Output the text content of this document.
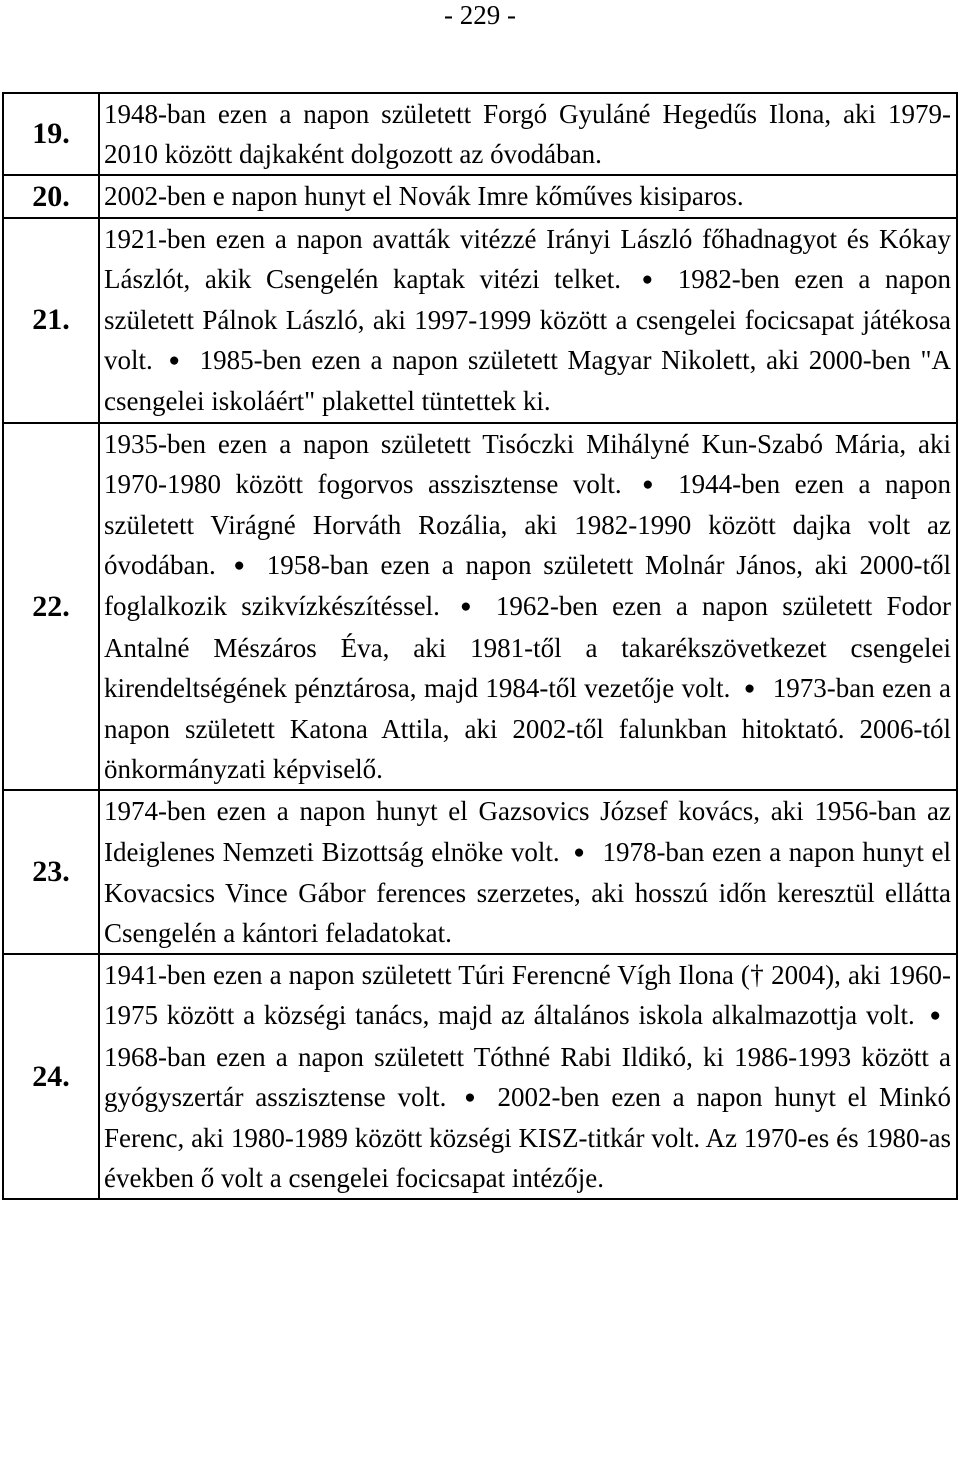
- 229 -
19.	1948-ban ezen a napon született Forgó Gyuláné Hegedűs Ilona, aki 1979-2010 között dajkaként dolgozott az óvodában.

20.	2002-ben e napon hunyt el Novák Imre kőműves kisiparos.

21.	1921-ben ezen a napon avatták vitézzé Irányi László főhadnagyot és Kókay Lászlót, akik Csengelén kaptak vitézi telket. ● 1982-ben ezen a napon született Pálnok László, aki 1997-1999 között a csengelei focicsapat játékosa volt. ● 1985-ben ezen a napon született Magyar Nikolett, aki 2000-ben "A csengelei iskoláért" plakettel tüntettek ki.

22.	1935-ben ezen a napon született Tisóczki Mihályné Kun-Szabó Mária, aki 1970-1980 között fogorvos asszisztense volt. ● 1944-ben ezen a napon született Virágné Horváth Rozália, aki 1982-1990 között dajka volt az óvodában. ● 1958-ban ezen a napon született Molnár János, aki 2000-től foglalkozik szikvízkészítéssel. ● 1962-ben ezen a napon született Fodor Antalné Mészáros Éva, aki 1981-től a takarékszövetkezet csengelei kirendeltségének pénztárosa, majd 1984-től vezetője volt. ● 1973-ban ezen a napon született Katona Attila, aki 2002-től falunkban hitoktató. 2006-tól önkormányzati képviselő.

23.	1974-ben ezen a napon hunyt el Gazsovics József kovács, aki 1956-ban az Ideiglenes Nemzeti Bizottság elnöke volt. ● 1978-ban ezen a napon hunyt el Kovacsics Vince Gábor ferences szerzetes, aki hosszú időn keresztül ellátta Csengelén a kántori feladatokat.

24.	1941-ben ezen a napon született Túri Ferencné Vígh Ilona († 2004), aki 1960-1975 között a községi tanács, majd az általános iskola alkalmazottja volt. ● 1968-ban ezen a napon született Tóthné Rabi Ildikó, ki 1986-1993 között a gyógyszertár asszisztense volt. ● 2002-ben ezen a napon hunyt el Minkó Ferenc, aki 1980-1989 között községi KISZ-titkár volt. Az 1970-es és 1980-as években ő volt a csengelei focicsapat intézője.
